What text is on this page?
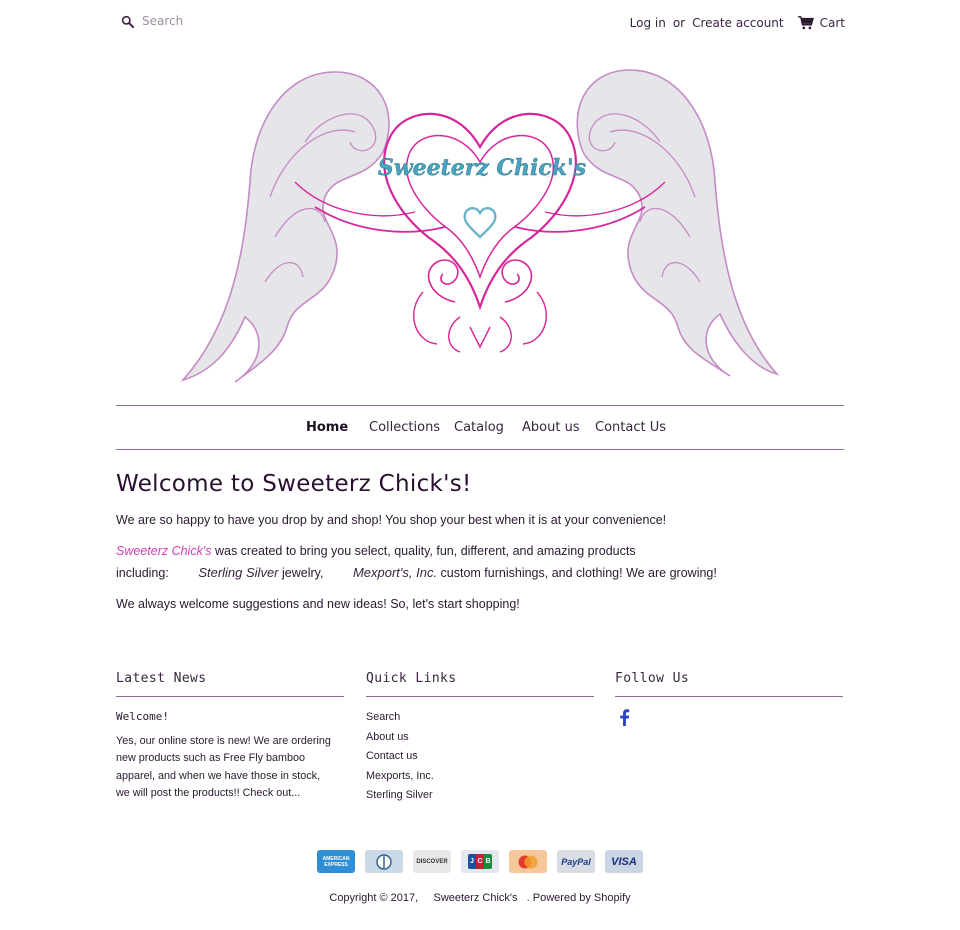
Search
Log in or Create account	Cart
Sweeterz Chick's
Home Collections Catalog About us Contact Us
Welcome to Sweeterz Chick's!

We are so happy to have you drop by and shop! You shop your best when it is at your convenience!

Sweeterz Chick's was created to bring you select, quality, fun, different, and amazing products

including: Sterling Silver jewelry, Mexport's, Inc. custom furnishings, and clothing! We are growing!

We always welcome suggestions and new ideas! So, let's start shopping!

Latest News	Quick Links	Follow Us
Welcome!

Yes, our online store is new! We are ordering new products such as Free Fly bamboo apparel, and when we have those in stock, we will post the products!! Check out...

Search
About us
Contact us
Mexports, Inc.
Sterling Silver
AMERICAN EXPRESS	DISCOVER	J C B	PayPal	VISA

Copyright © 2017, Sweeterz Chick's . Powered by Shopify
